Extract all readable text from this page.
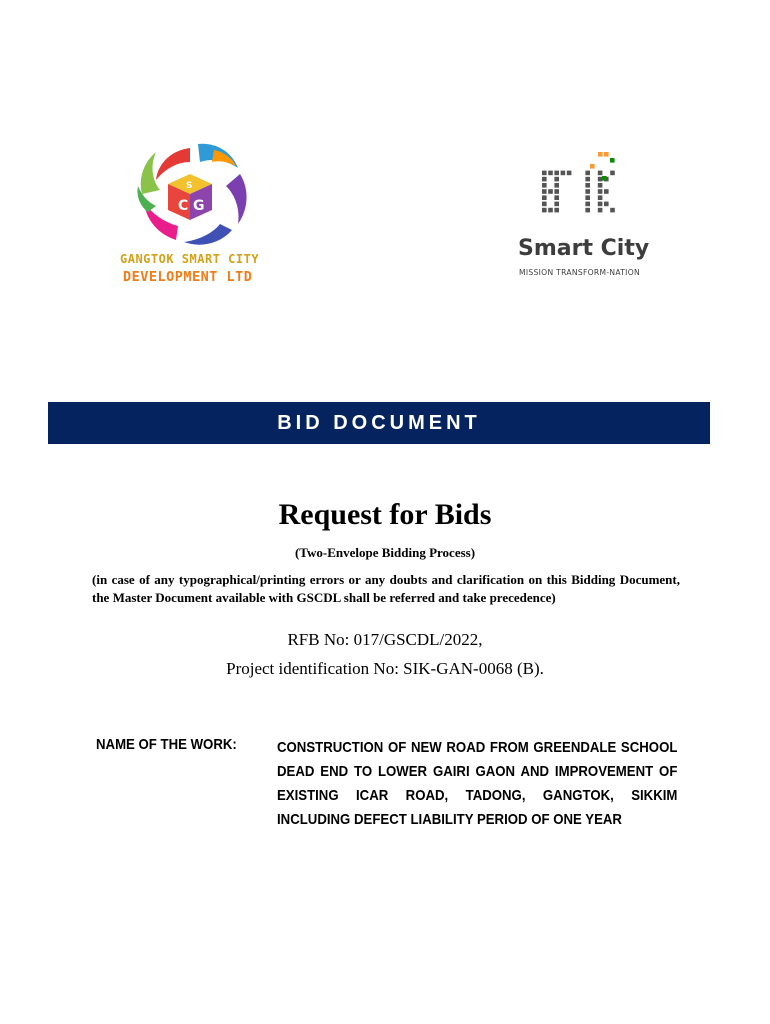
C G
S
GANGTOK SMART CITY
DEVELOPMENT LTD
Smart City
MISSION TRANSFORM-NATION
BID DOCUMENT
Request for Bids
(Two-Envelope Bidding Process)
(in case of any typographical/printing errors or any doubts and clarification on this Bidding Document, the Master Document available with GSCDL shall be referred and take precedence)
RFB No: 017/GSCDL/2022,
Project identification No: SIK-GAN-0068 (B).
NAME OF THE WORK:	CONSTRUCTION OF NEW ROAD FROM GREENDALE SCHOOL DEAD END TO LOWER GAIRI GAON AND IMPROVEMENT OF EXISTING ICAR ROAD, TADONG, GANGTOK, SIKKIM INCLUDING DEFECT LIABILITY PERIOD OF ONE YEAR
